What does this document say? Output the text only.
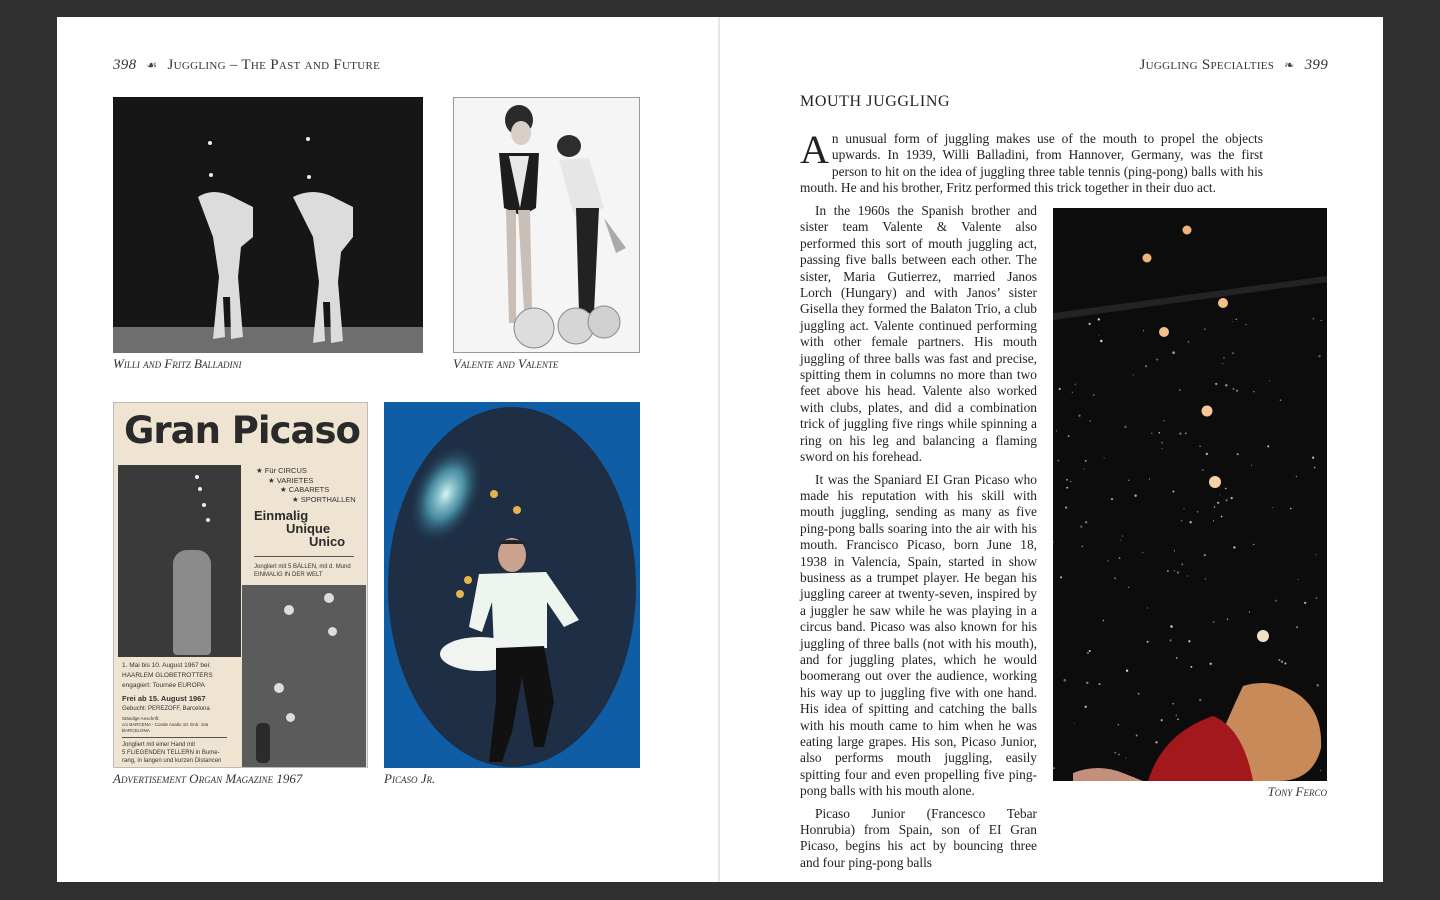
398 ☙ Juggling – The Past and Future	Juggling Specialties ❧ 399
Willi and Fritz Balladini	Valente and Valente
Gran Picaso
★ Für CIRCUS
★ VARIETES
★ CABARETS
★ SPORTHALLEN
Einmalig
Unique
Unico
Jongliert mit 5 BÄLLEN, mit d. Mund
EINMALIG IN DER WELT
1. Mai bis 10. August 1967 bei:
HAARLEM GLOBETROTTERS
engagiert: Tournée EUROPA
Frei ab 15. August 1967
Gebucht: PEREZOFF, Barcelona
Ständige Anschrift:
c/o BARCENA - Conde Asalto 10. Entr. 10a
BARCELONA
Jongliert mit einer Hand mit
5 FLIEGENDEN TELLERN in Bume-
rang, in langen und kurzen Distancen
Advertisement Organ Magazine 1967	Picaso Jr.
MOUTH JUGGLING
An unusual form of juggling makes use of the mouth to propel the objects upwards. In 1939, Willi Balladini, from Hannover, Germany, was the first person to hit on the idea of juggling three table tennis (ping-pong) balls with his mouth. He and his brother, Fritz performed this trick together in their duo act.

In the 1960s the Spanish brother and sister team Valente & Valente also performed this sort of mouth juggling act, passing five balls between each other. The sister, Maria Gutierrez, married Janos Lorch (Hungary) and with Janos’ sister Gisella they formed the Balaton Trio, a club juggling act. Valente continued performing with other female partners. His mouth juggling of three balls was fast and precise, spitting them in columns no more than two feet above his head. Valente also worked with clubs, plates, and did a combination trick of juggling five rings while spinning a ring on his leg and balancing a flaming sword on his forehead.

It was the Spaniard EI Gran Picaso who made his reputation with his skill with mouth juggling, sending as many as five ping-pong balls soaring into the air with his mouth. Francisco Picaso, born June 18, 1938 in Valencia, Spain, started in show business as a trumpet player. He began his juggling career at twenty-seven, inspired by a juggler he saw while he was playing in a circus band. Picaso was also known for his juggling of three balls (not with his mouth), and for juggling plates, which he would boomerang out over the audience, working his way up to juggling five with one hand. His idea of spitting and catching the balls with his mouth came to him when he was eating large grapes. His son, Picaso Junior, also performs mouth juggling, easily spitting four and even propelling five ping-pong balls with his mouth alone.

Picaso Junior (Francesco Tebar Honrubia) from Spain, son of EI Gran Picaso, begins his act by bouncing three and four ping-pong balls

Tony Ferco
